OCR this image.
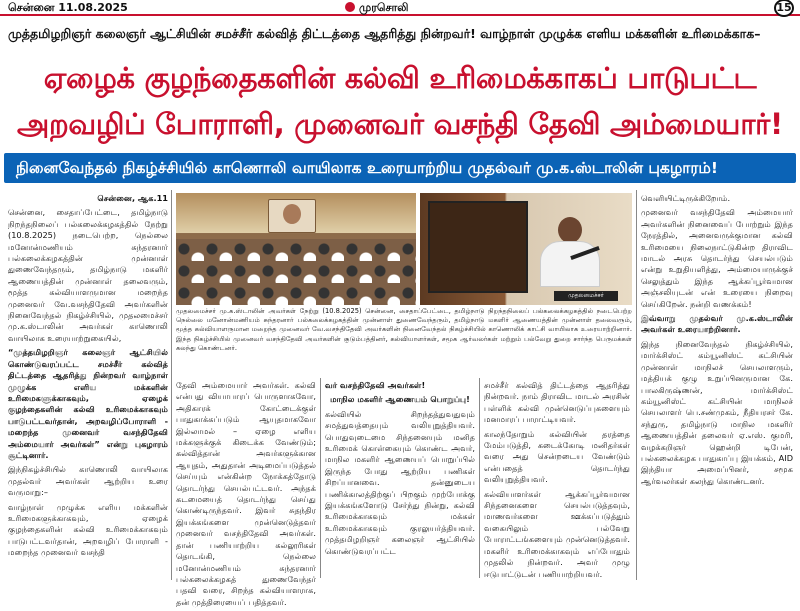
சென்னை 11.08.2025	முரசொலி	15
முத்தமிழறிஞர் கலைஞர் ஆட்சியின் சமச்சீர் கல்வித் திட்டத்தை ஆதரித்து நின்றவர்! வாழ்நாள் முழுக்க எளிய மக்களின் உரிமைக்காக–
ஏழைக் குழந்தைகளின் கல்வி உரிமைக்காகப் பாடுபட்ட
அறவழிப் போராளி, முனைவர் வசந்தி தேவி அம்மையார்!
நினைவேந்தல் நிகழ்ச்சியில் காணொலி வாயிலாக உரையாற்றிய முதல்வர் மு.க.ஸ்டாலின் புகழாரம்!

சென்னை, ஆக.11

சென்னை, சைதாப்பேட்டை, தமிழ்நாடு நிறந்தநிலைப் பல்கலைக்கழகத்தில் நேற்று (10.8.2025) நடைபெற்ற, நெல்லை மனோன்மணியம் சுந்தரனார் பல்கலைக்கழகத்தின் முன்னாள் துணைவேந்தரும், தமிழ்நாடு மகளிர் ஆணையத்தின் முன்னாள் தலைவரும், மூத்த கல்வியாளருமான மறைந்த முனைவர் வே.வசந்திதேவி அவர்களின் நினைவேந்தல் நிகழ்ச்சியில், முதலமைச்சர் மு.க.ஸ்டாலின் அவர்கள் காணொலி வாயிலாக உரையாற்றுகையில்,

“முத்தமிழறிஞர் கலைஞர் ஆட்சியில் கொண்டுவரப்பட்ட சமச்சீர் கல்வித் திட்டத்தை ஆதரித்து நின்றவர் வாழ்நாள் முழுக்க எளிய மக்களின் உரிமைகளுக்காகவும், ஏழைக் குழந்தைகளின் கல்வி உரிமைக்காகவும் பாடுபட்டவர்தான், அறவழிப்போராளி - மறைந்த முனைவர் வசந்திதேவி அம்மையார் அவர்கள்” என்று புகழாரம் சூட்டினார்.

இந்நிகழ்ச்சியில் காணொலி வாயிலாக முதல்வர் அவர்கள் ஆற்றிய உரை வருமாறு:–

வாழ்நாள் முழுக்க எளிய மக்களின் உரிமைகளுக்காகவும், ஏழைக் குழந்தைகளின் கல்வி உரிமைக்காகவும் பாடுபட்டவர்தான், அறவழிப் போராளி - மறைந்த முனைவர் வசந்தி

முதலமைச்சர்
முதலமைச்சர் மு.க.ஸ்டாலின் அவர்கள் நேற்று (10.8.2025) சென்னை, சைதாப்பேட்டை, தமிழ்நாடு நிறந்தநிலைப் பல்கலைக்கழகத்தில் நடைபெற்ற நெல்லை மனோன்மணியம் சுந்தரனார் பல்கலைக்கழகத்தின் முன்னாள் துணைவேந்தரும், தமிழ்நாடு மகளிர் ஆணையத்தின் முன்னாள் தலைவரும், மூத்த கல்வியாளருமான மறைந்த முனைவர் வே.வசந்திதேவி அவர்களின் நினைவேந்தல் நிகழ்ச்சியில் காணொலிக் காட்சி வாயிலாக உரையாற்றினார். இந்த நிகழ்ச்சியில் முனைவர் வசந்திதேவி அவர்களின் குடும்பத்தினர், கல்வியாளர்கள், சமூக ஆர்வலர்கள் மற்றும் பல்வேறு துறை சார்ந்த பெருமக்கள் கலந்து கொண்டனர்.

தேவி அம்மையார் அவர்கள். கல்வி என்பது வியாபாரப் பொருளாகவோ, அதிகாரக் கோட்டைக்குள் பாதுகாக்கப்படும் ஆயுதமாகவோ இல்லாமல் – ஏழை எளிய மக்களுக்குக் கிடைக்க வேண்டும்; கல்வித்தான் அவர்களுக்கான ஆயுதம், அதுதான் அடிமைப்படுத்தல் செய்யும் என்கின்ற நோக்கத்தோடு தொடர்ந்து செயல்பட்டவர். அந்தக் கடமையைத் தொடர்ந்து செய்து கொண்டிருந்தவர். இவர் சுதந்திர இயக்கங்களை முன்னெடுத்தவர் முனைவர் வசந்திதேவி அவர்கள். தான் பணியாற்றிய கல்லூரிகள் தொடங்கி, நெல்லை மனோன்மணியம் சுந்தரனார் பல்கலைக்கழகத் துணைவேந்தர் பதவி வரை, சிறந்த கல்வியாளராக, தன் முத்திரையைப் பதித்தவர்.

வர் வசந்திதேவி அவர்கள்!

மாநில மகளிர் ஆணையம் பொறுப்பு!

கல்வியில் சிறந்தத்துவதுவும் சமத்துவத்தையும் வலியுறுத்தியவர். பொதுவுடைமை சிந்தனையும் மனித உரிமைக் கொள்கையும் கொண்ட அவர், மாநில மகளிர் ஆணையப் பொறுப்பில் இருந்த போது ஆற்றிய பணிகள் சிறப்பானவை. தன்னுடைய பணிக்காலத்திற்குப் பிறகும் முற்போக்கு இயக்கங்களோடு சேர்ந்து நின்று, கல்வி உரிமைக்காகவும் மக்கள் உரிமைக்காகவும் குரலுயர்த்தியவர். முத்தமிழறிஞர் கலைஞர் ஆட்சியில் கொண்டுவரப்பட்ட

சமச்சீர் கல்வித் திட்டத்தை ஆதரித்து நின்றவர். நாம் திராவிட மாடல் அரசின் பள்ளிக் கல்வி முன்னெடுப்புகளையும் மனமாரப் பாராட்டியவர்.

காலந்தோறும் கல்வியின் தரத்தை மேம்படுத்தி, கடைக்கோடி மனிதர்கள் வரை அது சென்றடைய வேண்டும் என்பதைத் தொடர்ந்து வலியுறுத்தியவர்.

கல்வியாளர்கள் ஆக்கப்பூர்வமான சிந்தனைகளை செயல்படுத்தவும், மாணவர்களை ஊக்கப்படுத்தும் வகையிலும் பல்வேறு போராட்டங்களையும் முன்னெடுத்தவர். மகளிர் உரிமைக்காகவும் எப்போதும் முதலில் நின்றவர். அவர் முழு ஈடுபாட்டுடன் பணியாற்றியவர்.

வெளியிட்டிருக்கிறோம்.

முனைவர் வசந்திதேவி அம்மையார் அவர்களின் நினைவைப் போற்றும் இந்த நேரத்தில், அனைவருக்குமான கல்வி உரிமையை நிலைநாட்டுகின்ற திராவிட மாடல் அரசு தொடர்ந்து செயல்படும் என்று உறுதியளித்து, அம்மையாருக்குச் செலுத்தும் இந்த ஆக்கப்பூர்வமான அஞ்சலியுடன் என் உரையை நிறைவு செய்கிறேன். நன்றி வணக்கம்!

இவ்வாறு முதல்வர் மு.க.ஸ்டாலின் அவர்கள் உரையாற்றினார்.

இந்த நினைவேந்தல் நிகழ்ச்சியில், மார்க்சிஸ்ட் கம்யூனிஸ்ட் கட்சியின் முன்னாள் மாநிலச் செயலாளரும், மத்தியக் குழு உறுப்பினருமான கே. பாலகிருஷ்ணன், மார்க்சிஸ்ட் கம்யூனிஸ்ட் கட்சியின் மாநிலச் செயலாளர் பெ.சண்முகம், நீதியரசர் கே. சந்துரு, தமிழ்நாடு மாநில மகளிர் ஆணையத்தின் தலைவர் ஏ.எஸ். குமரி, வழக்கறிஞர் ஹென்றி டிபேன், பல்கலைக்கழக பாதுகாப்பு இயக்கம், AID இந்தியா அமைப்பினர், சமூக ஆர்வலர்கள் கலந்து கொண்டனர்.
